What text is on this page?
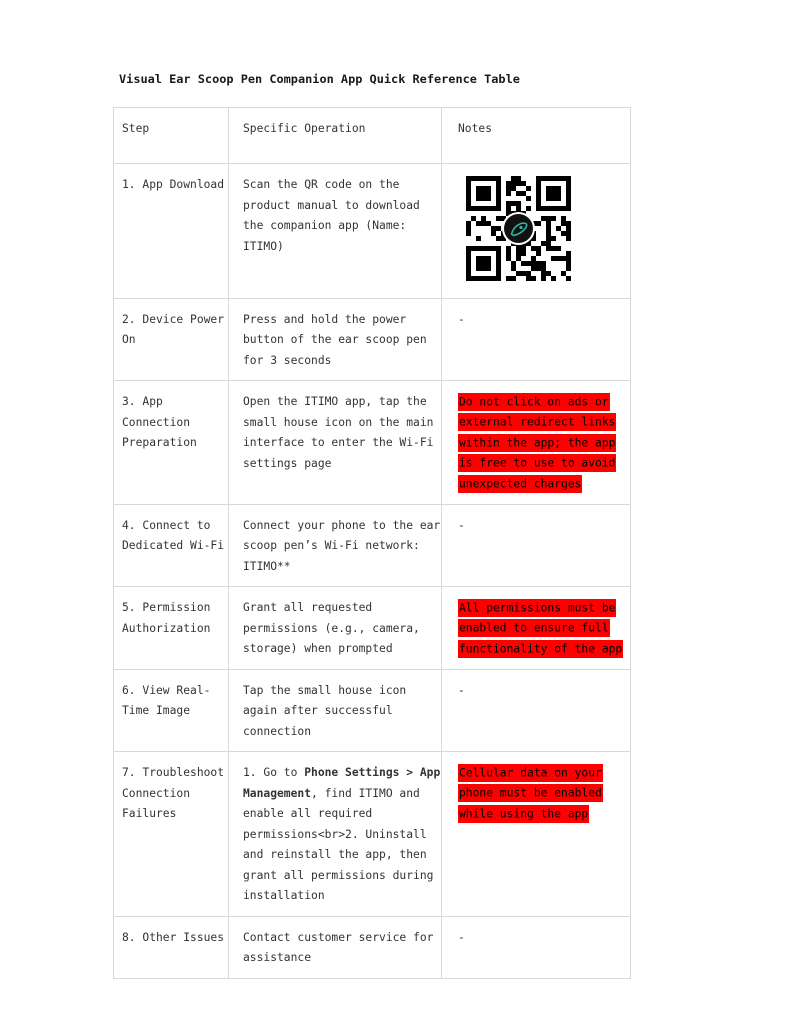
Visual Ear Scoop Pen Companion App Quick Reference Table
Step	Specific Operation	Notes
1. App Download	Scan the QR code on the product manual to download the companion app (Name: ITIMO)	
2. Device Power On	Press and hold the power button of the ear scoop pen for 3 seconds	-
3. App Connection Preparation	Open the ITIMO app, tap the small house icon on the main interface to enter the Wi-Fi settings page	Do not click on ads or external redirect links within the app; the app is free to use to avoid unexpected charges
4. Connect to Dedicated Wi-Fi	Connect your phone to the ear scoop pen’s Wi-Fi network: ITIMO**	-
5. Permission Authorization	Grant all requested permissions (e.g., camera, storage) when prompted	All permissions must be enabled to ensure full functionality of the app
6. View Real-Time Image	Tap the small house icon again after successful connection	-
7. Troubleshoot Connection Failures	1. Go to Phone Settings > App Management, find ITIMO and enable all required permissions<br>2. Uninstall and reinstall the app, then grant all permissions during installation	Cellular data on your phone must be enabled while using the app
8. Other Issues	Contact customer service for assistance	-
